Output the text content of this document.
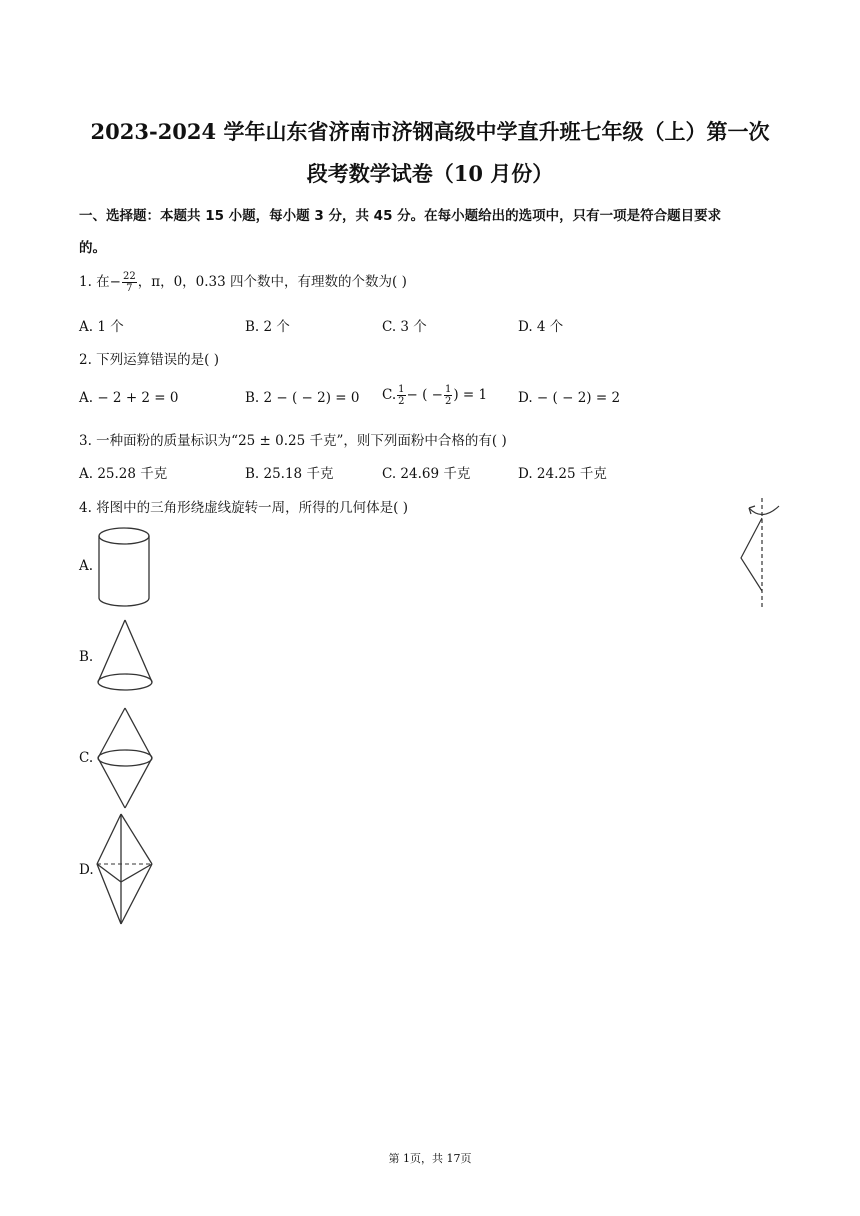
2023-2024 学年山东省济南市济钢高级中学直升班七年级（上）第一次
段考数学试卷（10 月份）
一、选择题：本题共 15 小题，每小题 3 分，共 45 分。在每小题给出的选项中，只有一项是符合题目要求
的。
1. 在− $\frac{22}{7}$ ，π，0，0.33 四个数中，有理数的个数为( )
A. 1 个	B. 2 个	C. 3 个	D. 4 个
2. 下列运算错误的是( )
A. − 2 + 2 = 0	B. 2 − ( − 2) = 0 C. $\frac{1}{2}$ − ( − $\frac{1}{2}$ ) = 1 D. − ( − 2) = 2
3. 一种面粉的质量标识为“25 ± 0.25 千克”，则下列面粉中合格的有( )
A. 25.28 千克	B. 25.18 千克	C. 24.69 千克	D. 24.25 千克
4. 将图中的三角形绕虚线旋转一周，所得的几何体是( )
A.
B.
C.
D.
第 1页，共 17页
